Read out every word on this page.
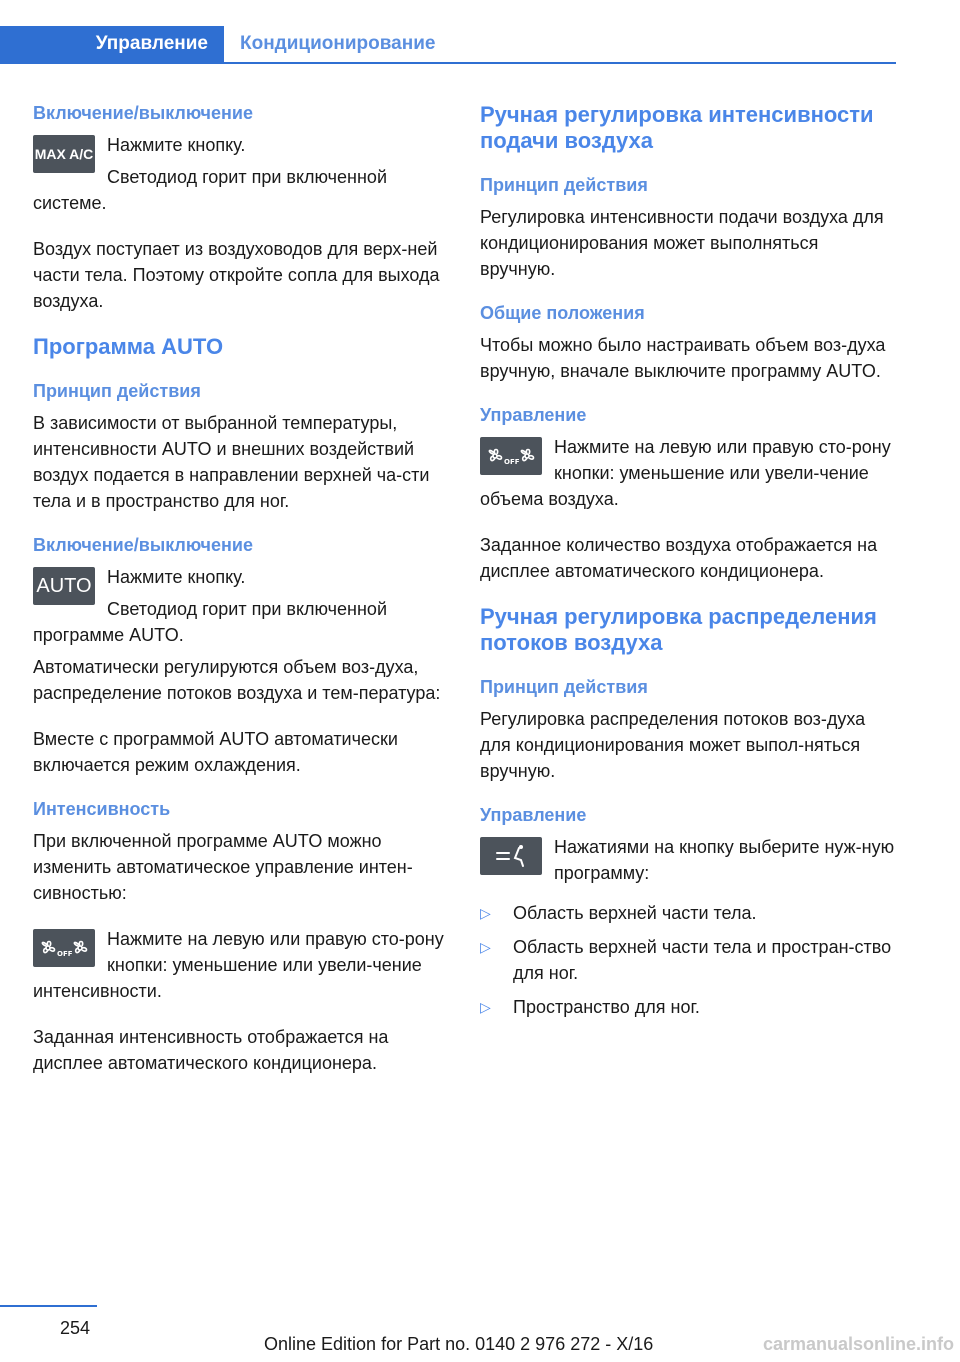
Управление	Кондиционирование
Включение/выключение
MAX A/C Нажмите кнопку.

Светодиод горит при включенной системе.

Воздух поступает из воздуховодов для верх-ней части тела. Поэтому откройте сопла для выхода воздуха.

Программа AUTO
Принцип действия

В зависимости от выбранной температуры, интенсивности AUTO и внешних воздействий воздух подается в направлении верхней ча-сти тела и в пространство для ног.

Включение/выключение
AUTO Нажмите кнопку.

Светодиод горит при включенной программе AUTO.

Автоматически регулируются объем воз-духа, распределение потоков воздуха и тем-пература:

Вместе с программой AUTO автоматически включается режим охлаждения.

Интенсивность

При включенной программе AUTO можно изменить автоматическое управление интен-сивностью:

OFF

Нажмите на левую или правую сто-рону кнопки: уменьшение или увели-чение интенсивности.

Заданная интенсивность отображается на дисплее автоматического кондиционера.

Ручная регулировка интенсивности подачи воздуха
Принцип действия

Регулировка интенсивности подачи воздуха для кондиционирования может выполняться вручную.

Общие положения

Чтобы можно было настраивать объем воз-духа вручную, вначале выключите программу AUTO.

Управление
OFF

Нажмите на левую или правую сто-рону кнопки: уменьшение или увели-чение объема воздуха.

Заданное количество воздуха отображается на дисплее автоматического кондиционера.

Ручная регулировка распределения потоков воздуха
Принцип действия

Регулировка распределения потоков воз-духа для кондиционирования может выпол-няться вручную.

Управление

Нажатиями на кнопку выберите нуж-ную программу:

▷ Область верхней части тела.
▷ Область верхней части тела и простран-ство для ног.
▷ Пространство для ног.
254
Online Edition for Part no. 0140 2 976 272 - X/16	carmanualsonline.info
